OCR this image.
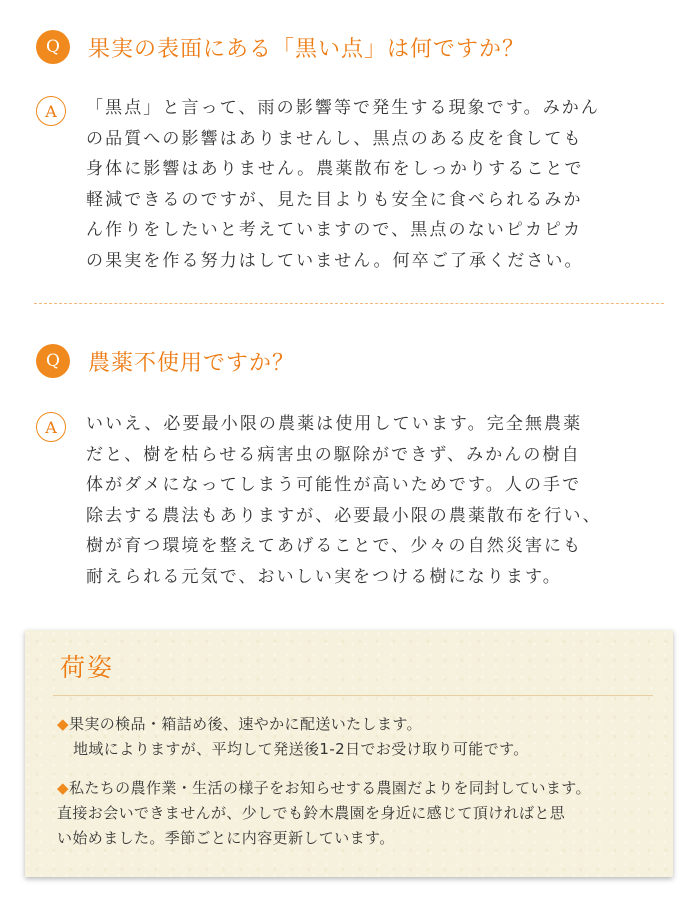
Q	果実の表面にある「黒い点」は何ですか？
A	「黒点」と言って、雨の影響等で発生する現象です。みかん
の品質への影響はありませんし、黒点のある皮を食しても
身体に影響はありません。農薬散布をしっかりすることで
軽減できるのですが、見た目よりも安全に食べられるみか
ん作りをしたいと考えていますので、黒点のないピカピカ
の果実を作る努力はしていません。何卒ご了承ください。
Q	農薬不使用ですか？
A	いいえ、必要最小限の農薬は使用しています。完全無農薬
だと、樹を枯らせる病害虫の駆除ができず、みかんの樹自
体がダメになってしまう可能性が高いためです。人の手で
除去する農法もありますが、必要最小限の農薬散布を行い、
樹が育つ環境を整えてあげることで、少々の自然災害にも
耐えられる元気で、おいしい実をつける樹になります。
荷姿
◆果実の検品・箱詰め後、速やかに配送いたします。
地域によりますが、平均して発送後1-2日でお受け取り可能です。
◆私たちの農作業・生活の様子をお知らせする農園だよりを同封しています。
直接お会いできませんが、少しでも鈴木農園を身近に感じて頂ければと思
い始めました。季節ごとに内容更新しています。
